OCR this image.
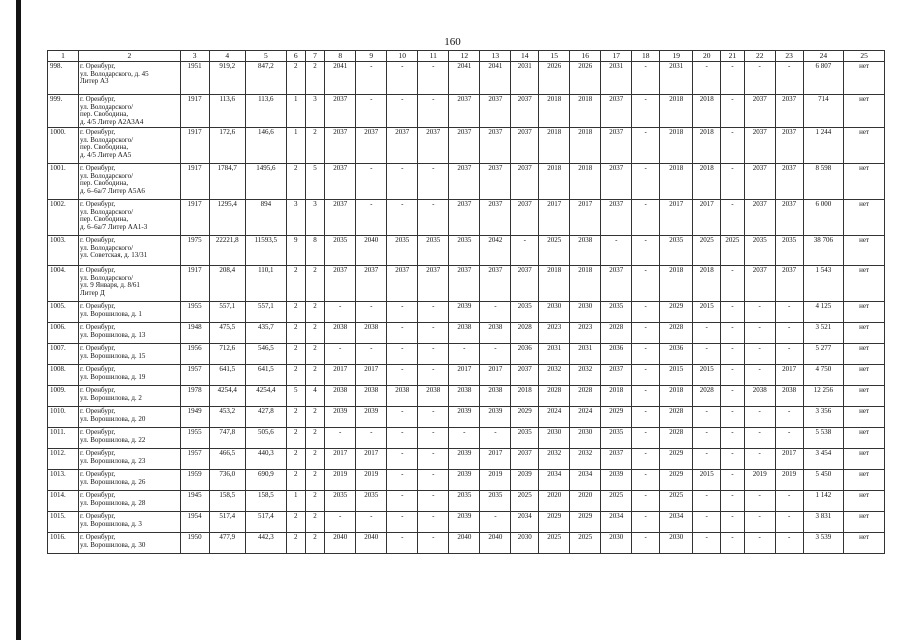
160
1	2	3	4	5	6	7	8	9	10	11	12	13	14	15	16	17	18	19	20	21	22	23	24	25
998.	г. Оренбург,
ул. Володарского, д. 45
Литер А3	1951	919,2	847,2	2	2	2041	-	-	-	2041	2041	2031	2026	2026	2031	-	2031	-	-	-	-	6 807	нет
999.	г. Оренбург,
ул. Володарского/
пер. Свободина,
д. 4/5 Литер А2А3А4	1917	113,6	113,6	1	3	2037	-	-	-	2037	2037	2037	2018	2018	2037	-	2018	2018	-	2037	2037	714	нет
1000.	г. Оренбург,
ул. Володарского/
пер. Свободина,
д. 4/5 Литер АА5	1917	172,6	146,6	1	2	2037	2037	2037	2037	2037	2037	2037	2018	2018	2037	-	2018	2018	-	2037	2037	1 244	нет
1001.	г. Оренбург,
ул. Володарского/
пер. Свободина,
д. 6–6а/7 Литер А5А6	1917	1784,7	1495,6	2	5	2037	-	-	-	2037	2037	2037	2018	2018	2037	-	2018	2018	-	2037	2037	8 598	нет
1002.	г. Оренбург,
ул. Володарского/
пер. Свободина,
д. 6–6а/7 Литер АА1-3	1917	1295,4	894	3	3	2037	-	-	-	2037	2037	2037	2017	2017	2037	-	2017	2017	-	2037	2037	6 000	нет
1003.	г. Оренбург,
ул. Володарского/
ул. Советская, д. 13/31	1975	22221,8	11593,5	9	8	2035	2040	2035	2035	2035	2042	-	2025	2038	-	-	2035	2025	2025	2035	2035	38 706	нет
1004.	г. Оренбург,
ул. Володарского/
ул. 9 Января, д. 8/61
Литер Д	1917	208,4	110,1	2	2	2037	2037	2037	2037	2037	2037	2037	2018	2018	2037	-	2018	2018	-	2037	2037	1 543	нет
1005.	г. Оренбург,
ул. Ворошилова, д. 1	1955	557,1	557,1	2	2	-	-	-	-	2039	-	2035	2030	2030	2035	-	2029	2015	-	-	-	4 125	нет
1006.	г. Оренбург,
ул. Ворошилова, д. 13	1948	475,5	435,7	2	2	2038	2038	-	-	2038	2038	2028	2023	2023	2028	-	2028	-	-	-	-	3 521	нет
1007.	г. Оренбург,
ул. Ворошилова, д. 15	1956	712,6	546,5	2	2	-	-	-	-	-	-	2036	2031	2031	2036	-	2036	-	-	-	-	5 277	нет
1008.	г. Оренбург,
ул. Ворошилова, д. 19	1957	641,5	641,5	2	2	2017	2017	-	-	2017	2017	2037	2032	2032	2037	-	2015	2015	-	-	2017	4 750	нет
1009.	г. Оренбург,
ул. Ворошилова, д. 2	1978	4254,4	4254,4	5	4	2038	2038	2038	2038	2038	2038	2018	2028	2028	2018	-	2018	2028	-	2038	2038	12 256	нет
1010.	г. Оренбург,
ул. Ворошилова, д. 20	1949	453,2	427,8	2	2	2039	2039	-	-	2039	2039	2029	2024	2024	2029	-	2028	-	-	-	-	3 356	нет
1011.	г. Оренбург,
ул. Ворошилова, д. 22	1955	747,8	505,6	2	2	-	-	-	-	-	-	2035	2030	2030	2035	-	2028	-	-	-	-	5 538	нет
1012.	г. Оренбург,
ул. Ворошилова, д. 23	1957	466,5	440,3	2	2	2017	2017	-	-	2039	2017	2037	2032	2032	2037	-	2029	-	-	-	2017	3 454	нет
1013.	г. Оренбург,
ул. Ворошилова, д. 26	1959	736,0	690,9	2	2	2019	2019	-	-	2039	2019	2039	2034	2034	2039	-	2029	2015	-	2019	2019	5 450	нет
1014.	г. Оренбург,
ул. Ворошилова, д. 28	1945	158,5	158,5	1	2	2035	2035	-	-	2035	2035	2025	2020	2020	2025	-	2025	-	-	-	-	1 142	нет
1015.	г. Оренбург,
ул. Ворошилова, д. 3	1954	517,4	517,4	2	2	-	-	-	-	2039	-	2034	2029	2029	2034	-	2034	-	-	-	-	3 831	нет
1016.	г. Оренбург,
ул. Ворошилова, д. 30	1950	477,9	442,3	2	2	2040	2040	-	-	2040	2040	2030	2025	2025	2030	-	2030	-	-	-	-	3 539	нет
